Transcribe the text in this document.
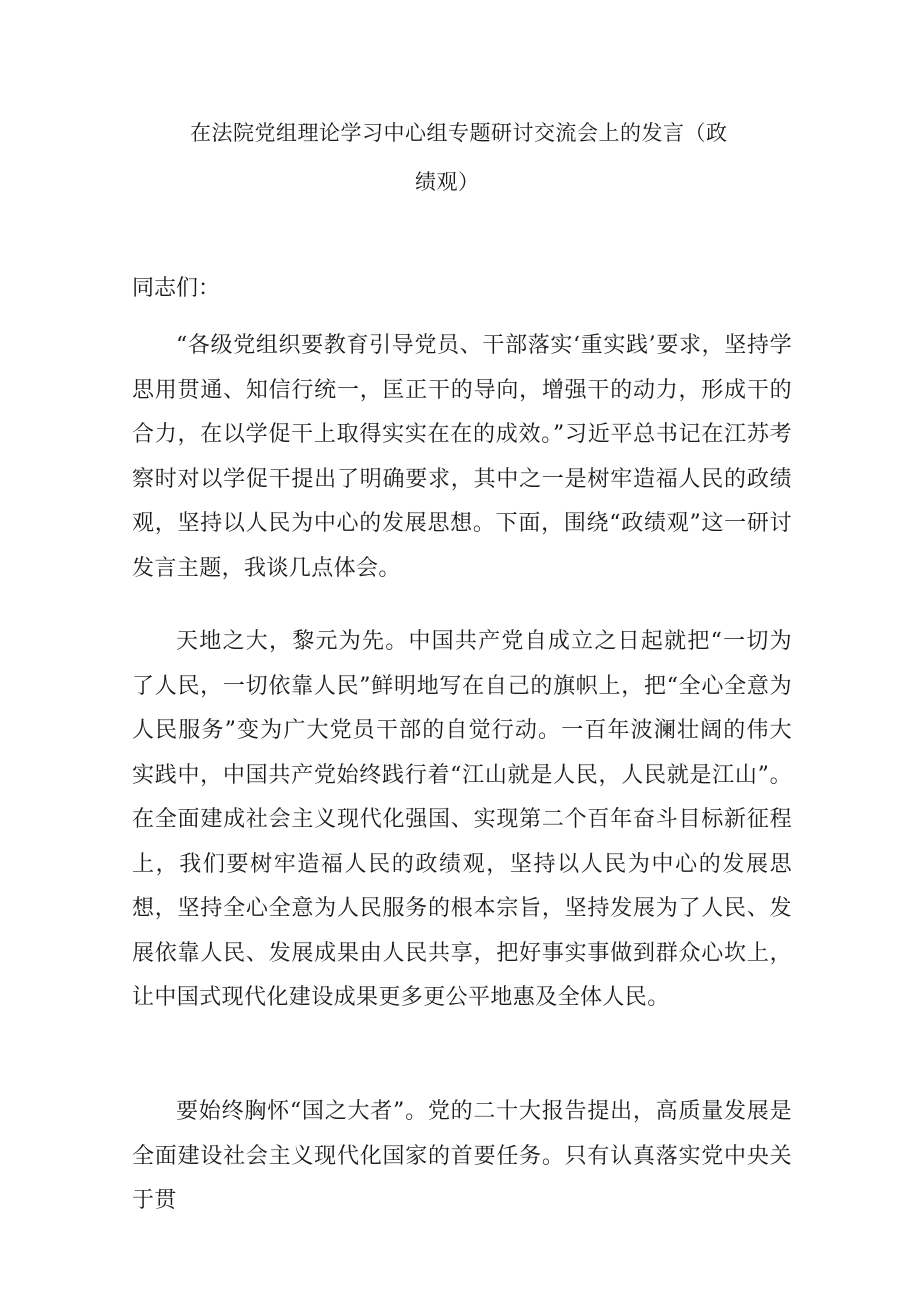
在法院党组理论学习中心组专题研讨交流会上的发言（政
绩观）
同志们：

“各级党组织要教育引导党员、干部落实‘重实践’要求，坚持学思用贯通、知信行统一，匡正干的导向，增强干的动力，形成干的合力，在以学促干上取得实实在在的成效。”习近平总书记在江苏考察时对以学促干提出了明确要求，其中之一是树牢造福人民的政绩观，坚持以人民为中心的发展思想。下面，围绕“政绩观”这一研讨发言主题，我谈几点体会。

天地之大，黎元为先。中国共产党自成立之日起就把“一切为了人民，一切依靠人民”鲜明地写在自己的旗帜上，把“全心全意为人民服务”变为广大党员干部的自觉行动。一百年波澜壮阔的伟大实践中，中国共产党始终践行着“江山就是人民，人民就是江山”。在全面建成社会主义现代化强国、实现第二个百年奋斗目标新征程上，我们要树牢造福人民的政绩观，坚持以人民为中心的发展思想，坚持全心全意为人民服务的根本宗旨，坚持发展为了人民、发展依靠人民、发展成果由人民共享，把好事实事做到群众心坎上，让中国式现代化建设成果更多更公平地惠及全体人民。

要始终胸怀“国之大者”。党的二十大报告提出，高质量发展是全面建设社会主义现代化国家的首要任务。只有认真落实党中央关于贯
